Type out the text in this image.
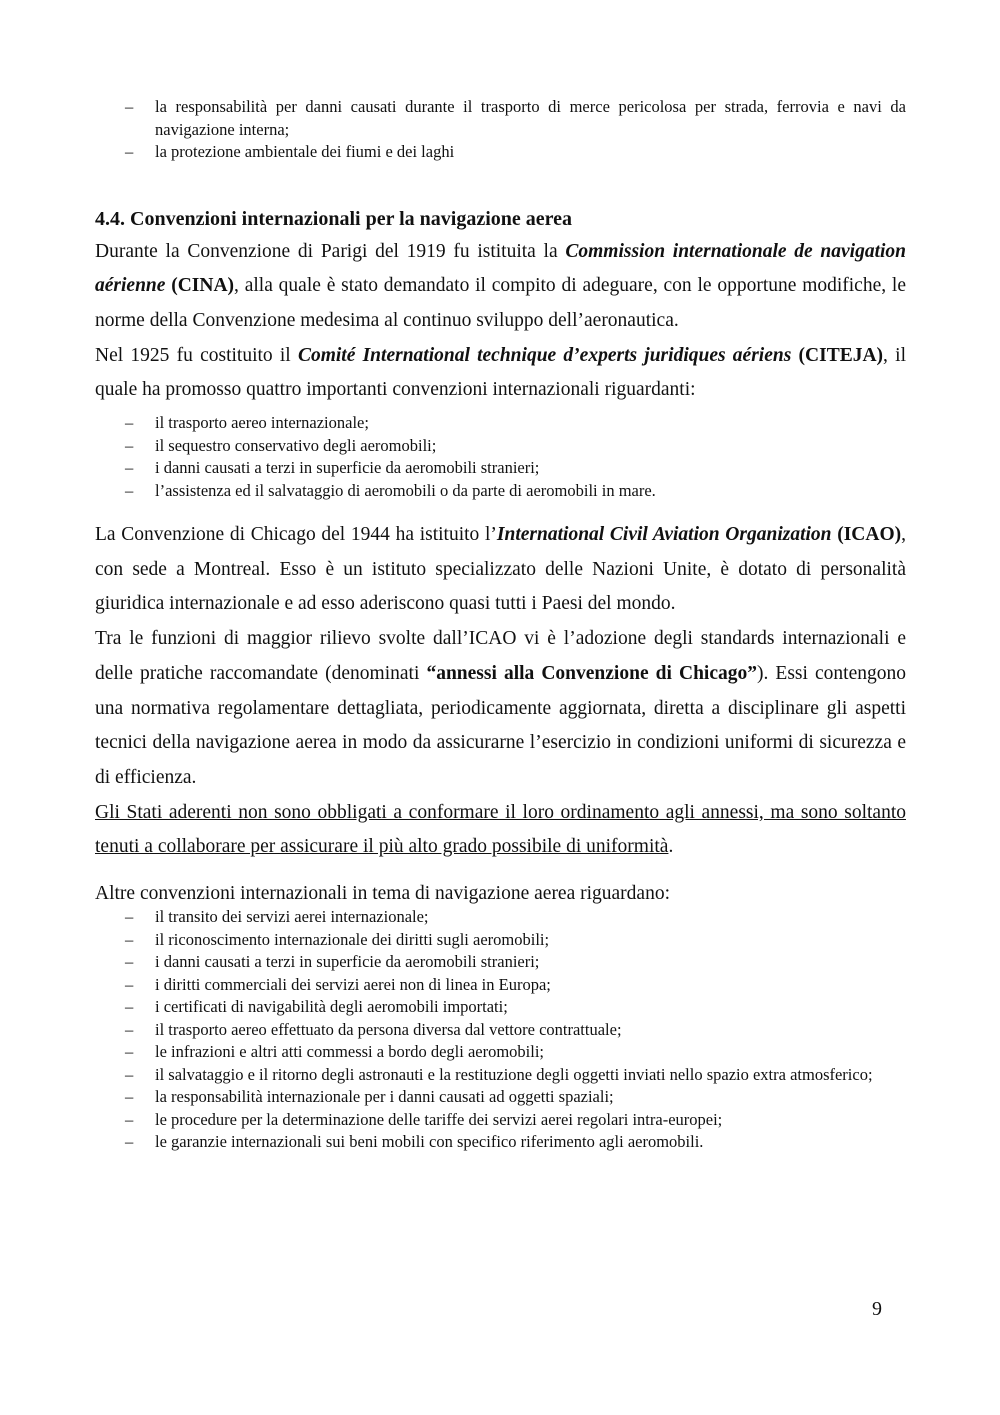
– la responsabilità per danni causati durante il trasporto di merce pericolosa per strada, ferrovia e navi da navigazione interna;
– la protezione ambientale dei fiumi e dei laghi
4.4. Convenzioni internazionali per la navigazione aerea

Durante la Convenzione di Parigi del 1919 fu istituita la Commission internationale de navigation aérienne (CINA), alla quale è stato demandato il compito di adeguare, con le opportune modifiche, le norme della Convenzione medesima al continuo sviluppo dell’aeronautica.

Nel 1925 fu costituito il Comité International technique d’experts juridiques aériens (CITEJA), il quale ha promosso quattro importanti convenzioni internazionali riguardanti:

– il trasporto aereo internazionale;
– il sequestro conservativo degli aeromobili;
– i danni causati a terzi in superficie da aeromobili stranieri;
– l’assistenza ed il salvataggio di aeromobili o da parte di aeromobili in mare.

La Convenzione di Chicago del 1944 ha istituito l’International Civil Aviation Organization (ICAO), con sede a Montreal. Esso è un istituto specializzato delle Nazioni Unite, è dotato di personalità giuridica internazionale e ad esso aderiscono quasi tutti i Paesi del mondo.

Tra le funzioni di maggior rilievo svolte dall’ICAO vi è l’adozione degli standards internazionali e delle pratiche raccomandate (denominati “annessi alla Convenzione di Chicago”). Essi contengono una normativa regolamentare dettagliata, periodicamente aggiornata, diretta a disciplinare gli aspetti tecnici della navigazione aerea in modo da assicurarne l’esercizio in condizioni uniformi di sicurezza e di efficienza.

Gli Stati aderenti non sono obbligati a conformare il loro ordinamento agli annessi, ma sono soltanto tenuti a collaborare per assicurare il più alto grado possibile di uniformità.

Altre convenzioni internazionali in tema di navigazione aerea riguardano:

– il transito dei servizi aerei internazionale;
– il riconoscimento internazionale dei diritti sugli aeromobili;
– i danni causati a terzi in superficie da aeromobili stranieri;
– i diritti commerciali dei servizi aerei non di linea in Europa;
– i certificati di navigabilità degli aeromobili importati;
– il trasporto aereo effettuato da persona diversa dal vettore contrattuale;
– le infrazioni e altri atti commessi a bordo degli aeromobili;
– il salvataggio e il ritorno degli astronauti e la restituzione degli oggetti inviati nello spazio extra atmosferico;
– la responsabilità internazionale per i danni causati ad oggetti spaziali;
– le procedure per la determinazione delle tariffe dei servizi aerei regolari intra-europei;
– le garanzie internazionali sui beni mobili con specifico riferimento agli aeromobili.
9
